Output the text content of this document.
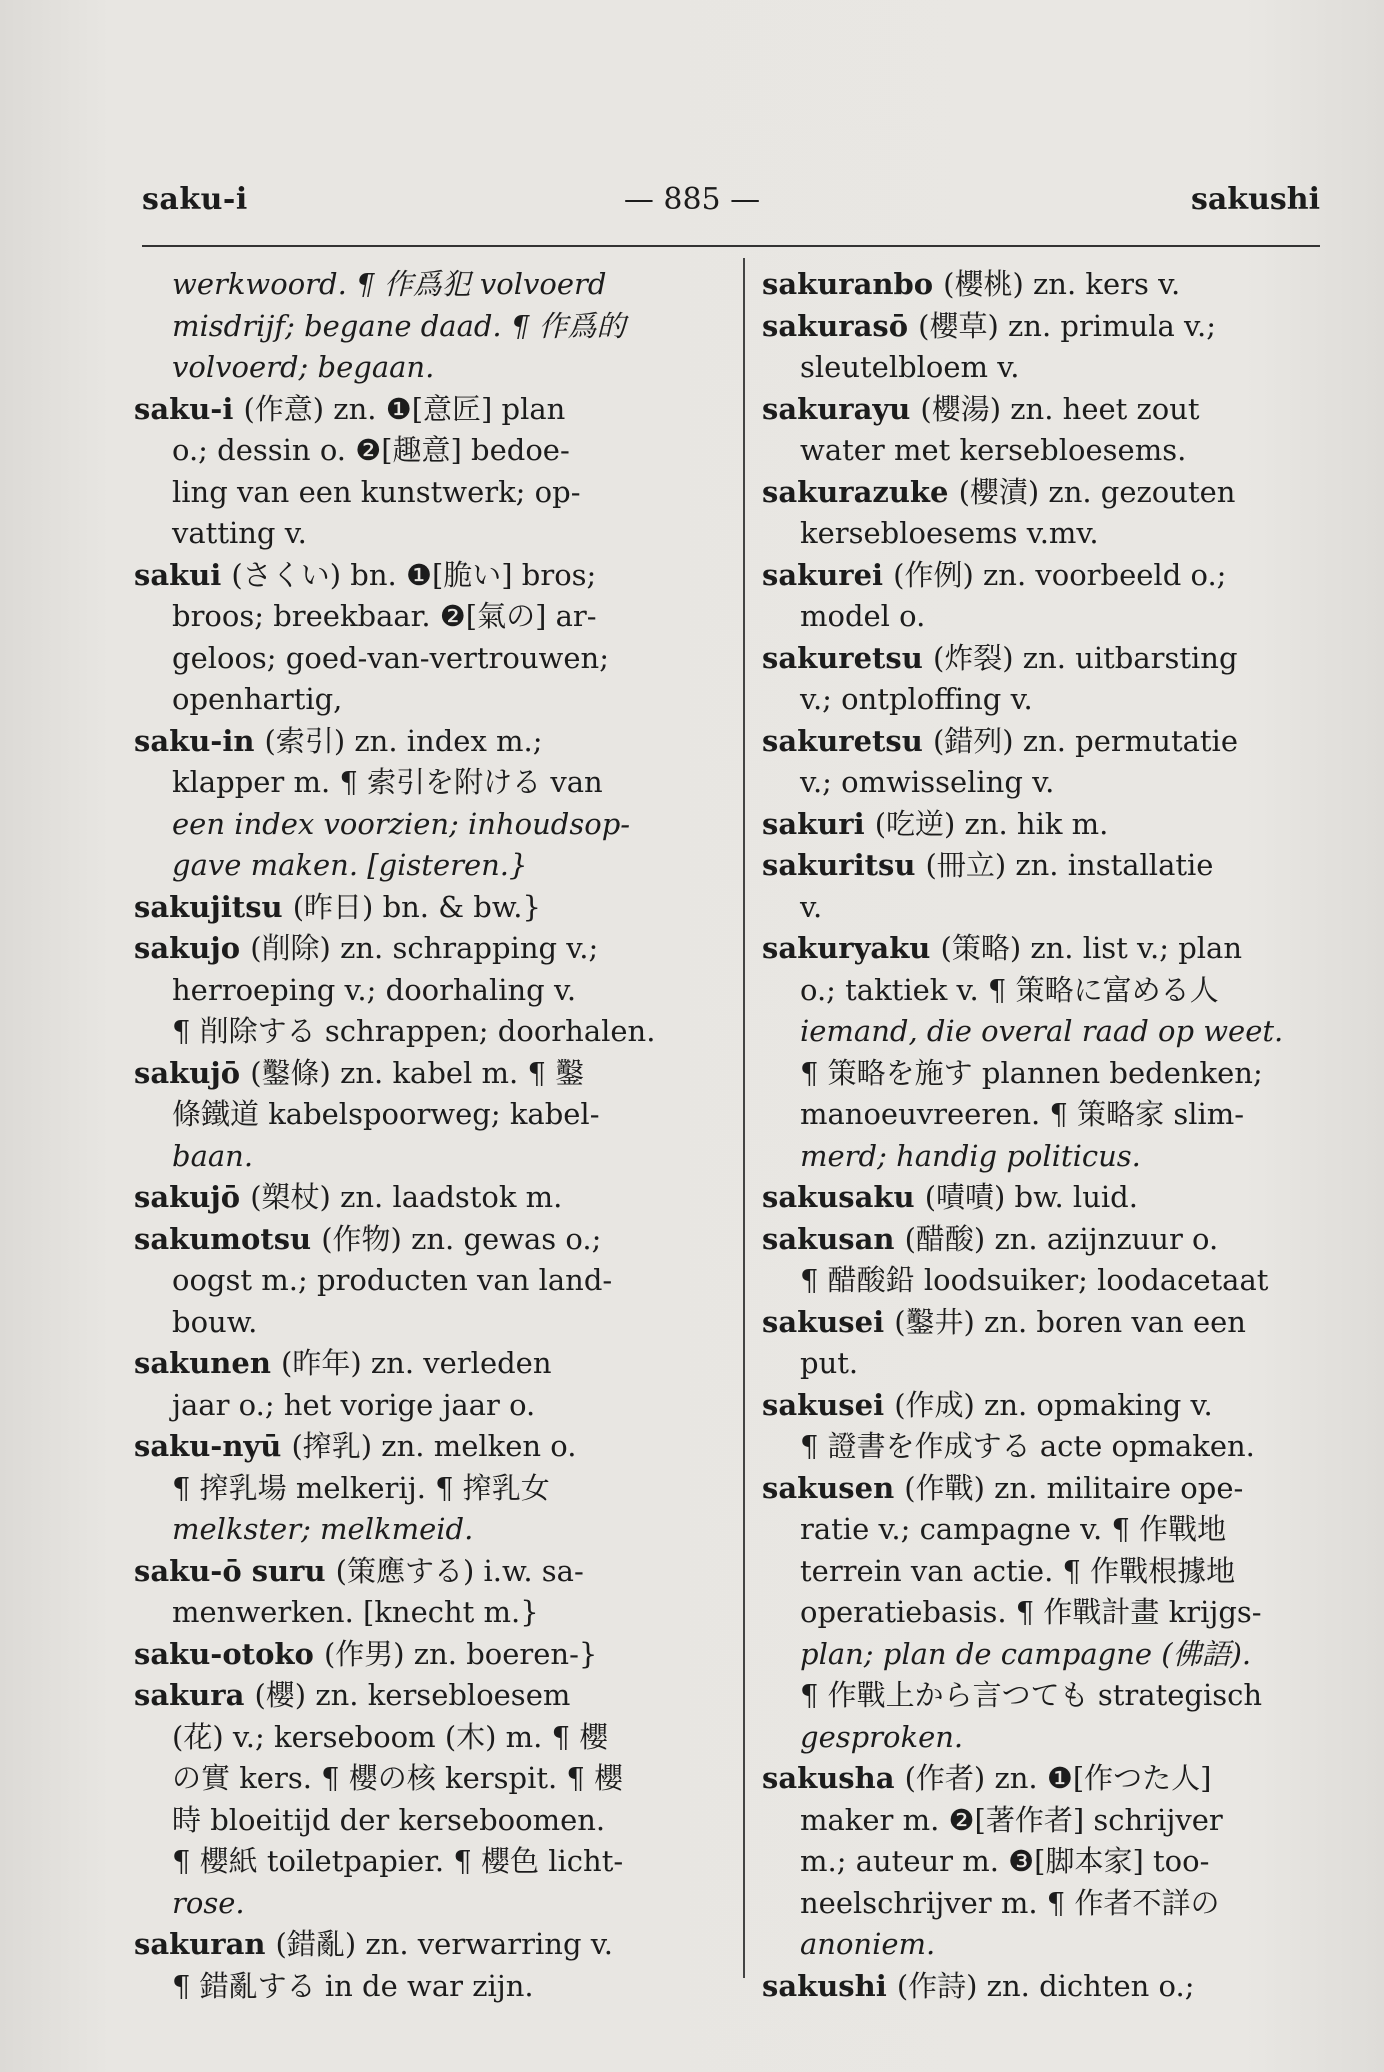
saku-i	— 885 —	sakushi
werkwoord. ¶ 作爲犯 volvoerd
misdrijf; begane daad. ¶ 作爲的
volvoerd; begaan.
saku-i (作意) zn. ❶[意匠] plan
o.; dessin o. ❷[趣意] bedoe-
ling van een kunstwerk; op-
vatting v.
sakui (さくい) bn. ❶[脆い] bros;
broos; breekbaar. ❷[氣の] ar-
geloos; goed-van-vertrouwen;
openhartig,
saku-in (索引) zn. index m.;
klapper m. ¶ 索引を附ける van
een index voorzien; inhoudsop-
gave maken. [gisteren.}
sakujitsu (昨日) bn. & bw.}
sakujo (削除) zn. schrapping v.;
herroeping v.; doorhaling v.
¶ 削除する schrappen; doorhalen.
sakujō (鑿條) zn. kabel m. ¶ 鑿
條鐵道 kabelspoorweg; kabel-
baan.
sakujō (槊杖) zn. laadstok m.
sakumotsu (作物) zn. gewas o.;
oogst m.; producten van land-
bouw.
sakunen (昨年) zn. verleden
jaar o.; het vorige jaar o.
saku-nyū (搾乳) zn. melken o.
¶ 搾乳場 melkerij. ¶ 搾乳女
melkster; melkmeid.
saku-ō suru (策應する) i.w. sa-
menwerken. [knecht m.}
saku-otoko (作男) zn. boeren-}
sakura (櫻) zn. kersebloesem
(花) v.; kerseboom (木) m. ¶ 櫻
の實 kers. ¶ 櫻の核 kerspit. ¶ 櫻
時 bloeitijd der kerseboomen.
¶ 櫻紙 toiletpapier. ¶ 櫻色 licht-
rose.
sakuran (錯亂) zn. verwarring v.
¶ 錯亂する in de war zijn.
sakuranbo (櫻桃) zn. kers v.
sakurasō (櫻草) zn. primula v.;
sleutelbloem v.
sakurayu (櫻湯) zn. heet zout
water met kersebloesems.
sakurazuke (櫻漬) zn. gezouten
kersebloesems v.mv.
sakurei (作例) zn. voorbeeld o.;
model o.
sakuretsu (炸裂) zn. uitbarsting
v.; ontploffing v.
sakuretsu (錯列) zn. permutatie
v.; omwisseling v.
sakuri (吃逆) zn. hik m.
sakuritsu (冊立) zn. installatie
v.
sakuryaku (策略) zn. list v.; plan
o.; taktiek v. ¶ 策略に富める人
iemand, die overal raad op weet.
¶ 策略を施す plannen bedenken;
manoeuvreeren. ¶ 策略家 slim-
merd; handig politicus.
sakusaku (嘖嘖) bw. luid.
sakusan (醋酸) zn. azijnzuur o.
¶ 醋酸鉛 loodsuiker; loodacetaat
sakusei (鑿井) zn. boren van een
put.
sakusei (作成) zn. opmaking v.
¶ 證書を作成する acte opmaken.
sakusen (作戰) zn. militaire ope-
ratie v.; campagne v. ¶ 作戰地
terrein van actie. ¶ 作戰根據地
operatiebasis. ¶ 作戰計畫 krijgs-
plan; plan de campagne (佛語).
¶ 作戰上から言つても strategisch
gesproken.
sakusha (作者) zn. ❶[作つた人]
maker m. ❷[著作者] schrijver
m.; auteur m. ❸[脚本家] too-
neelschrijver m. ¶ 作者不詳の
anoniem.
sakushi (作詩) zn. dichten o.;
